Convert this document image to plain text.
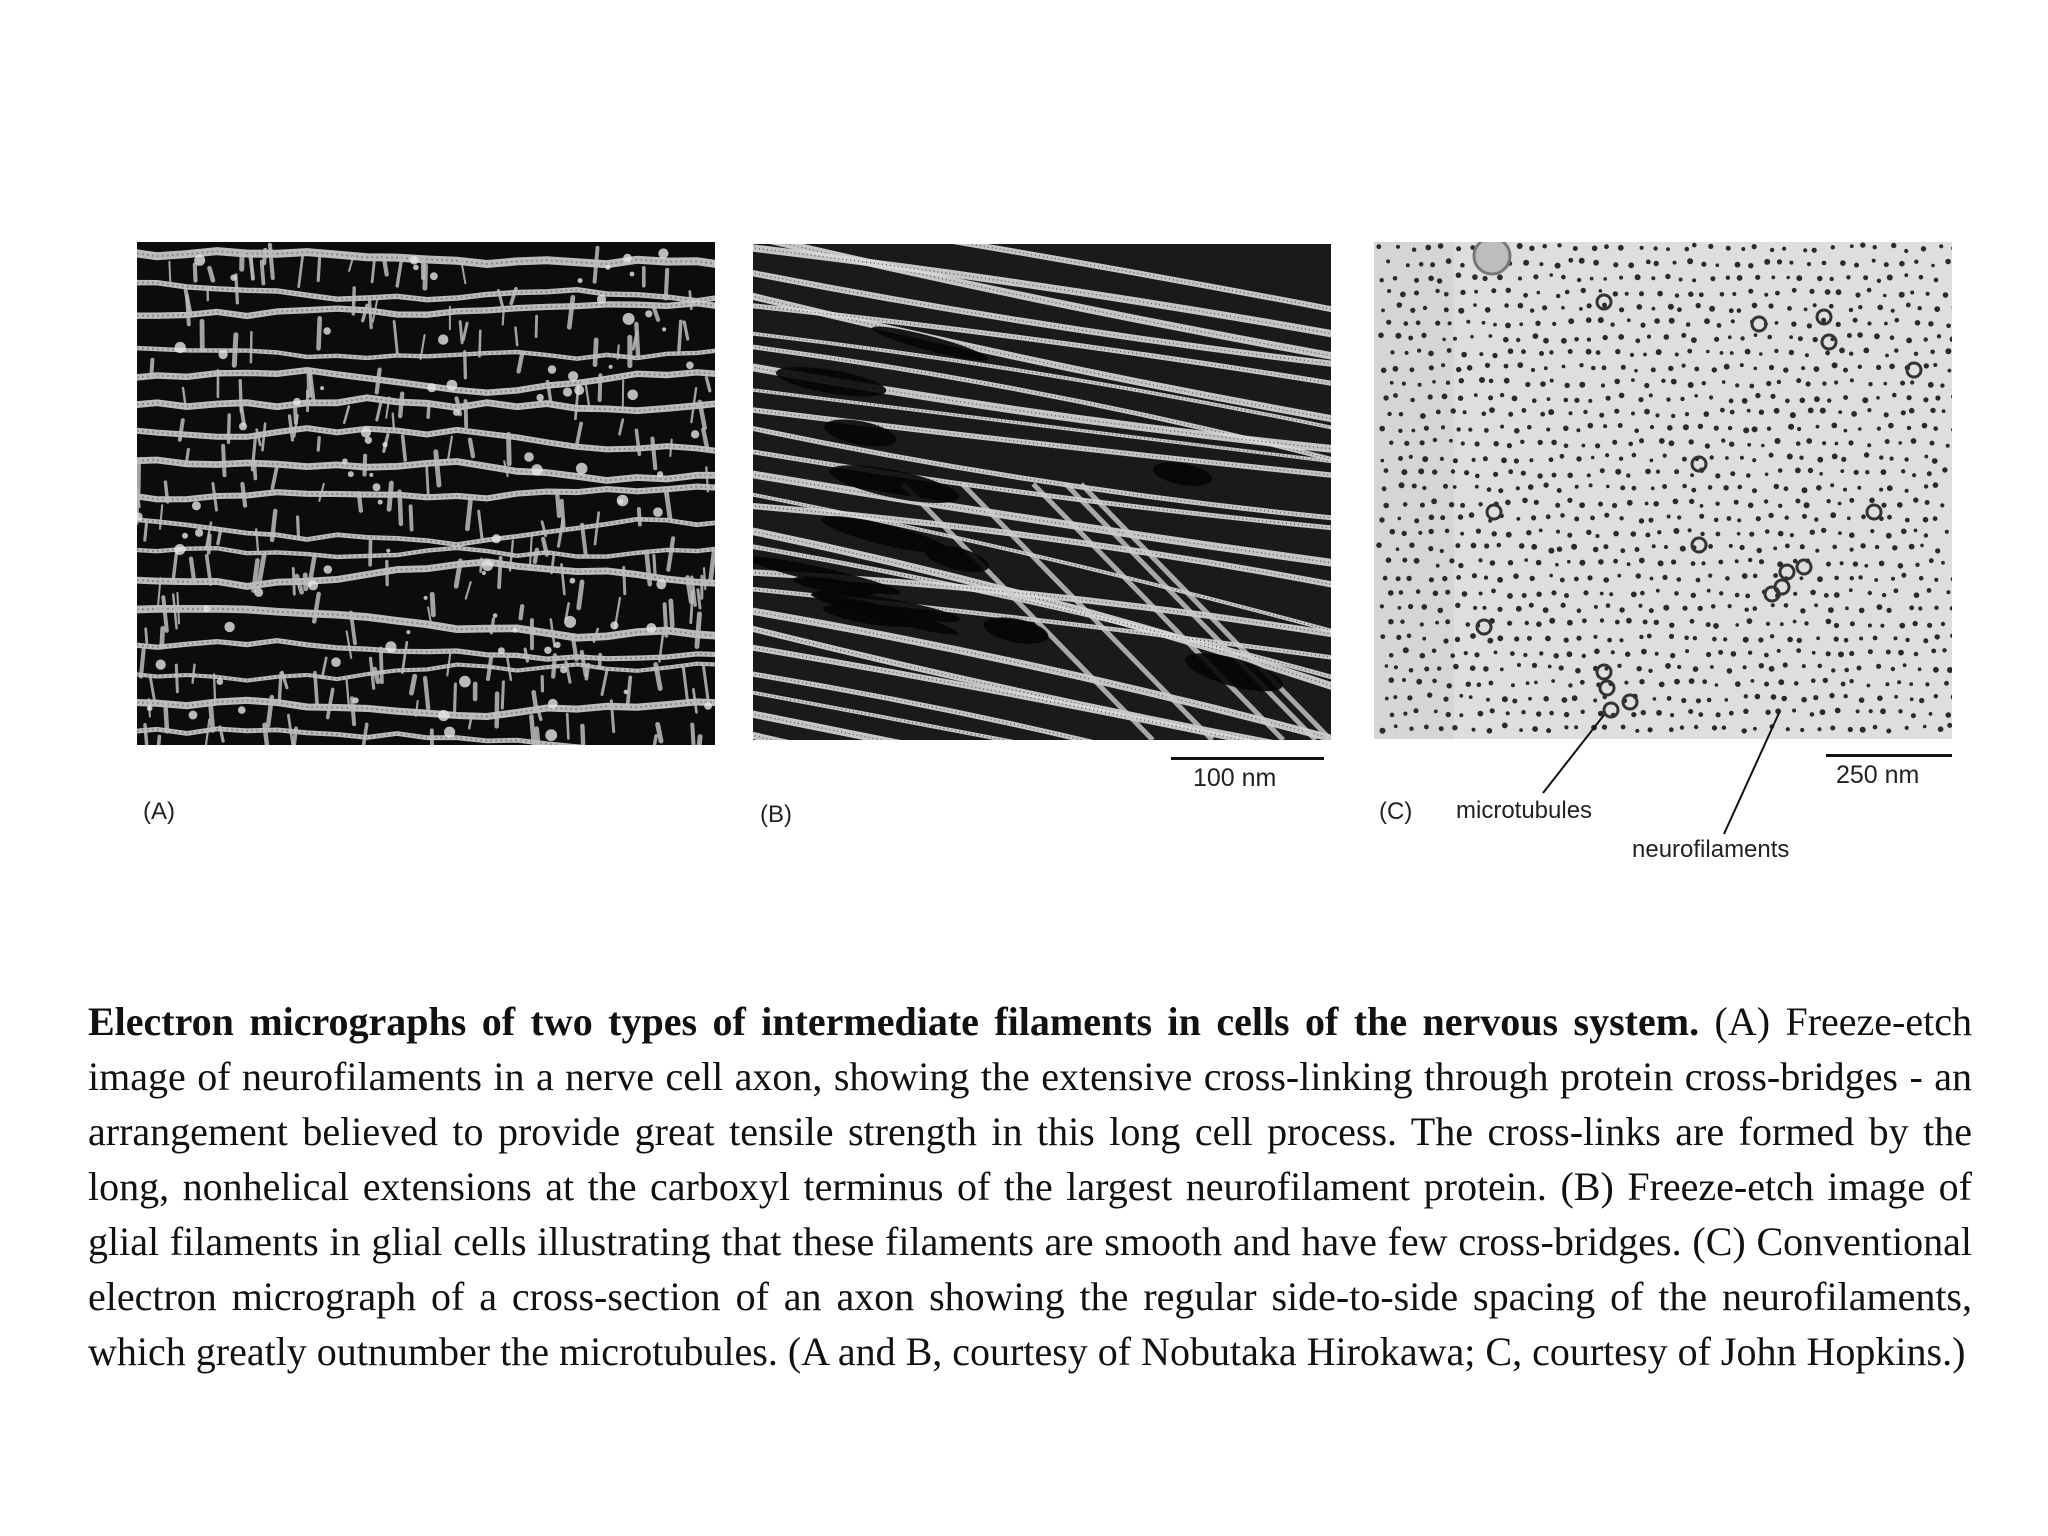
(A)	(B)	(C)
100 nm	250 nm
microtubules
neurofilaments

Electron micrographs of two types of intermediate filaments in cells of the nervous system. (A) Freeze-etch image of neurofilaments in a nerve cell axon, showing the extensive cross-linking through protein cross-bridges - an arrangement believed to provide great tensile strength in this long cell process. The cross-links are formed by the long, nonhelical extensions at the carboxyl terminus of the largest neurofilament protein. (B) Freeze-etch image of glial filaments in glial cells illustrating that these filaments are smooth and have few cross-bridges. (C) Conventional electron micrograph of a cross-section of an axon showing the regular side-to-side spacing of the neurofilaments, which greatly outnumber the microtubules. (A and B, courtesy of Nobutaka Hirokawa; C, courtesy of John Hopkins.)
